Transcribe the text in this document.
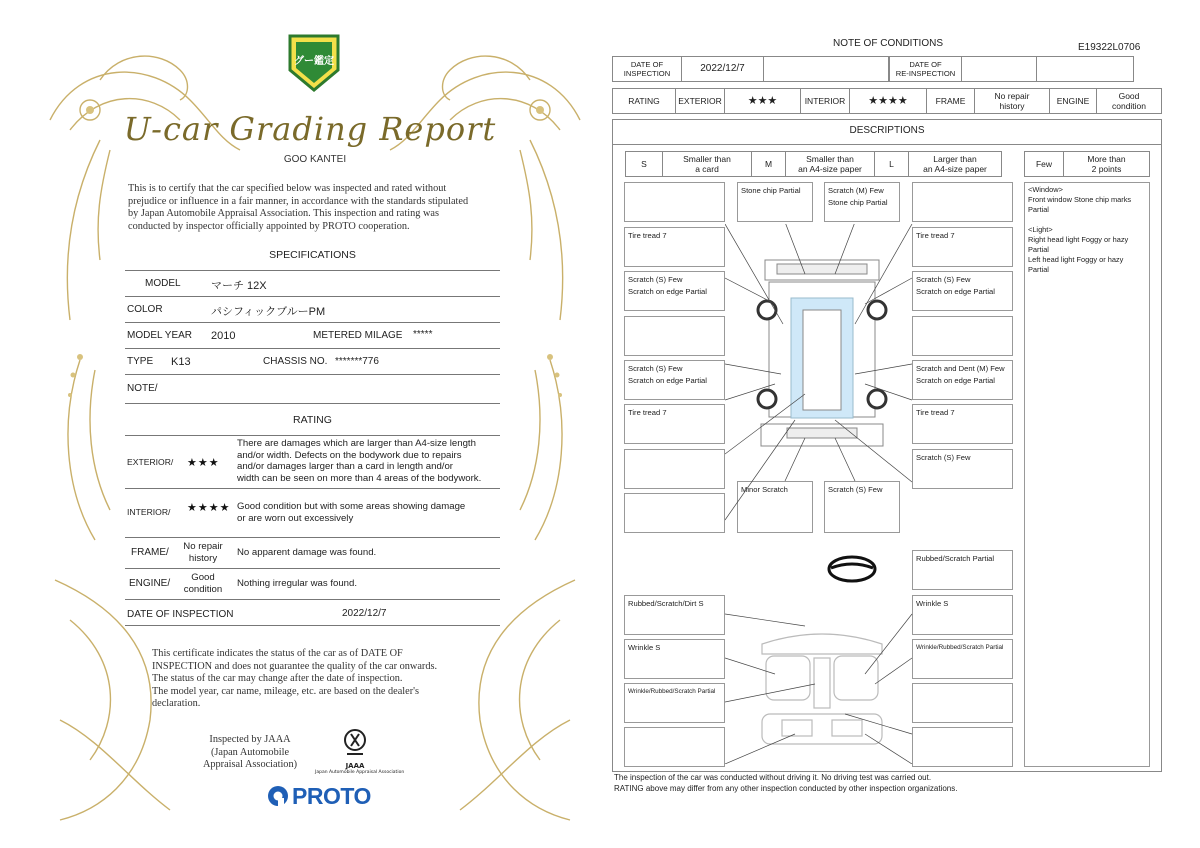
グー鑑定
U-car Grading Report
GOO KANTEI
This is to certify that the car specified below was inspected and rated without
prejudice or influence in a fair manner, in accordance with the standards stipulated
by Japan Automobile Appraisal Association. This inspection and rating was
conducted by inspector officially appointed by PROTO cooperation.
SPECIFICATIONS
MODEL	マーチ 12X
COLOR	パシフィックブルーPM
MODEL YEAR 2010	METERED MILAGE *****
TYPE K13	CHASSIS NO. *******776
NOTE/
RATING
EXTERIOR/ ★★★
There are damages which are larger than A4-size length
and/or width. Defects on the bodywork due to repairs
and/or damages larger than a card in length and/or
width can be seen on more than 4 areas of the bodywork.
INTERIOR/ ★★★★ Good condition but with some areas showing damage
or are worn out excessively
FRAME/
No repair
history	No apparent damage was found.
ENGINE/
Good
condition	Nothing irregular was found.
DATE OF INSPECTION	2022/12/7
This certificate indicates the status of the car as of DATE OF
INSPECTION and does not guarantee the quality of the car onwards.
The status of the car may change after the date of inspection.
The model year, car name, mileage, etc. are based on the dealer's
declaration.
Inspected by JAAA
(Japan Automobile
Appraisal Association)	JAAA
Japan Automobile Appraisal Association
PROTO
NOTE OF CONDITIONS	E19322L0706
DATE OF
INSPECTION	2022/12/7	DATE OF
RE-INSPECTION
RATING	EXTERIOR	★★★	INTERIOR	★★★★	FRAME	No repair
history	ENGINE	Good
condition
DESCRIPTIONS
S	Smaller than
a card	M	Smaller than
an A4-size paper	L	Larger than
an A4-size paper	Few	More than
2 points
Tire tread 7
Scratch (S) Few
Scratch on edge Partial
Scratch (S) Few
Scratch on edge Partial
Tire tread 7
Tire tread 7
Scratch (S) Few
Scratch on edge Partial
Scratch and Dent (M) Few
Scratch on edge Partial
Tire tread 7
Scratch (S) Few
Stone chip Partial	Scratch (M) Few
Stone chip Partial
Minor Scratch	Scratch (S) Few
Rubbed/Scratch/Dirt S
Wrinkle S
Wrinkle/Rubbed/Scratch Partial
Rubbed/Scratch Partial
Wrinkle S
Wrinkle/Rubbed/Scratch Partial
<Window>
Front window Stone chip marks
Partial
<Light>
Right head light Foggy or hazy
Partial
Left head light Foggy or hazy
Partial
The inspection of the car was conducted without driving it. No driving test was carried out.
RATING above may differ from any other inspection conducted by other inspection organizations.
